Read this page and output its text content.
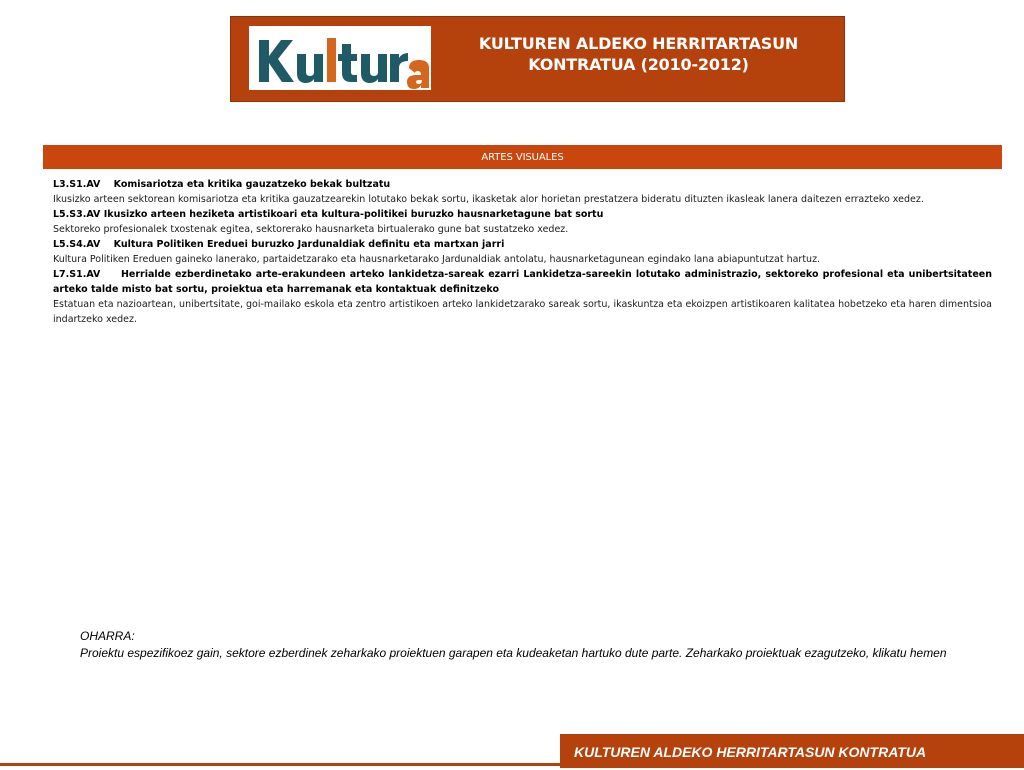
KULTUREN ALDEKO HERRITARTASUN
KONTRATUA (2010-2012)
ARTES VISUALES
L3.S1.AV Komisariotza eta kritika gauzatzeko bekak bultzatu
Ikusizko arteen sektorean komisariotza eta kritika gauzatzearekin lotutako bekak sortu, ikasketak alor horietan prestatzera bideratu dituzten ikasleak lanera daitezen errazteko xedez.
L5.S3.AV Ikusizko arteen heziketa artistikoari eta kultura-politikei buruzko hausnarketagune bat sortu
Sektoreko profesionalek txostenak egitea, sektorerako hausnarketa birtualerako gune bat sustatzeko xedez.
L5.S4.AV Kultura Politiken Ereduei buruzko Jardunaldiak definitu eta martxan jarri
Kultura Politiken Ereduen gaineko lanerako, partaidetzarako eta hausnarketarako Jardunaldiak antolatu, hausnarketagunean egindako lana abiapuntutzat hartuz.
L7.S1.AV Herrialde ezberdinetako arte-erakundeen arteko lankidetza-sareak ezarri Lankidetza-sareekin lotutako administrazio, sektoreko profesional eta unibertsitateen arteko talde misto bat sortu, proiektua eta harremanak eta kontaktuak definitzeko
Estatuan eta nazioartean, unibertsitate, goi-mailako eskola eta zentro artistikoen arteko lankidetzarako sareak sortu, ikaskuntza eta ekoizpen artistikoaren kalitatea hobetzeko eta haren dimentsioa indartzeko xedez.
OHARRA:
Proiektu espezifikoez gain, sektore ezberdinek zeharkako proiektuen garapen eta kudeaketan hartuko dute parte. Zeharkako proiektuak ezagutzeko, klikatu hemen
KULTUREN ALDEKO HERRITARTASUN KONTRATUA
